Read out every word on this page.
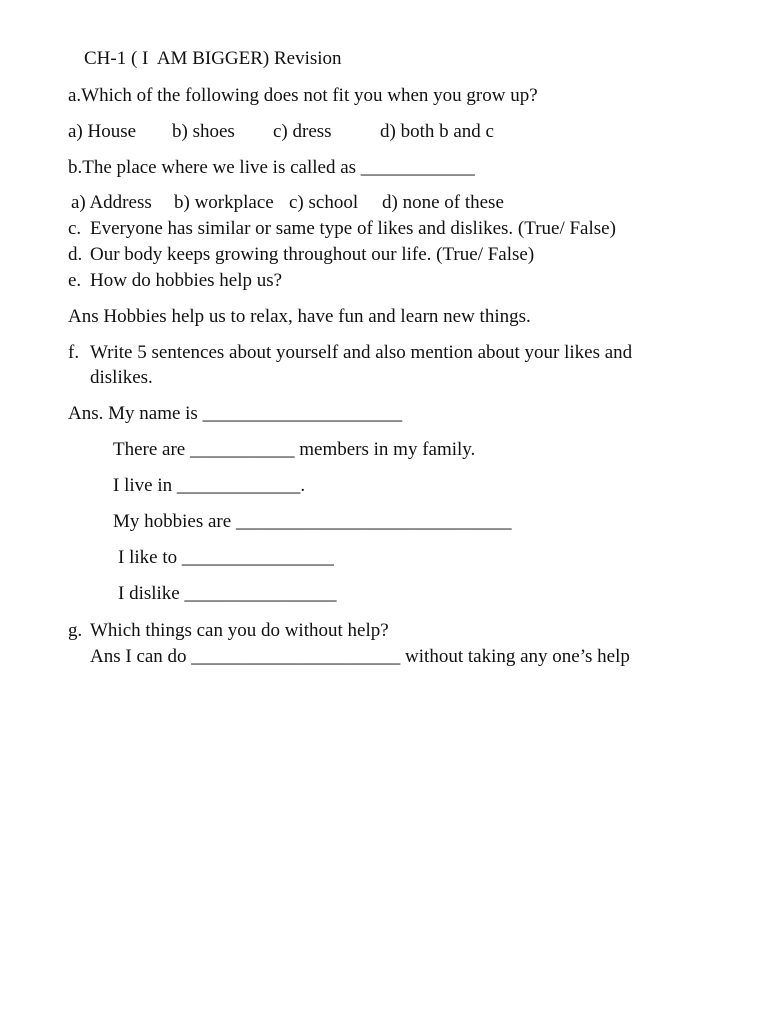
CH-1 ( I  AM BIGGER) Revision
a.Which of the following does not fit you when you grow up?
a) House b) shoes c) dress	d) both b and c
b.The place where we live is called as ____________
a) Address b) workplace c) school d) none of these
c. Everyone has similar or same type of likes and dislikes. (True/ False)
d. Our body keeps growing throughout our life. (True/ False)
e. How do hobbies help us?
Ans Hobbies help us to relax, have fun and learn new things.
f. Write 5 sentences about yourself and also mention about your likes and
dislikes.
Ans. My name is _____________________
There are ___________ members in my family.
I live in _____________.
My hobbies are _____________________________
I like to ________________
I dislike ________________
g. Which things can you do without help?
Ans I can do ______________________ without taking any one’s help
